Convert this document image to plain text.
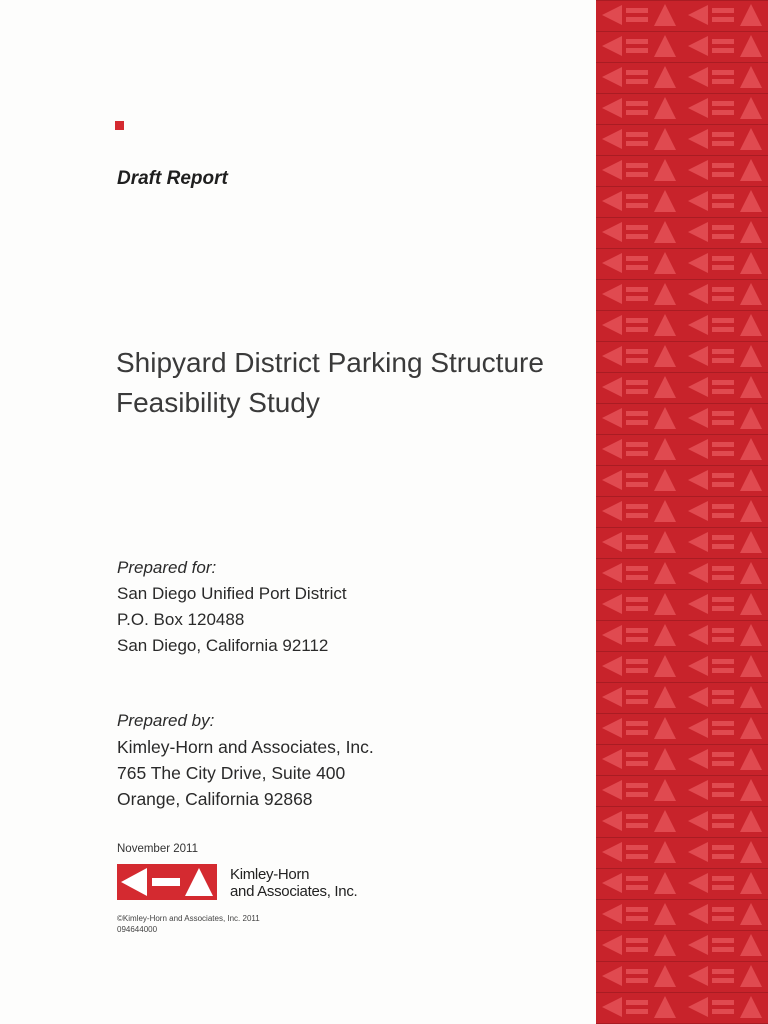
Draft Report
Shipyard District Parking Structure
Feasibility Study
Prepared for:
San Diego Unified Port District
P.O. Box 120488
San Diego, California 92112
Prepared by:
Kimley-Horn and Associates, Inc.
765 The City Drive, Suite 400
Orange, California 92868
November 2011
Kimley-Horn
and Associates, Inc.
©Kimley-Horn and Associates, Inc. 2011
094644000
